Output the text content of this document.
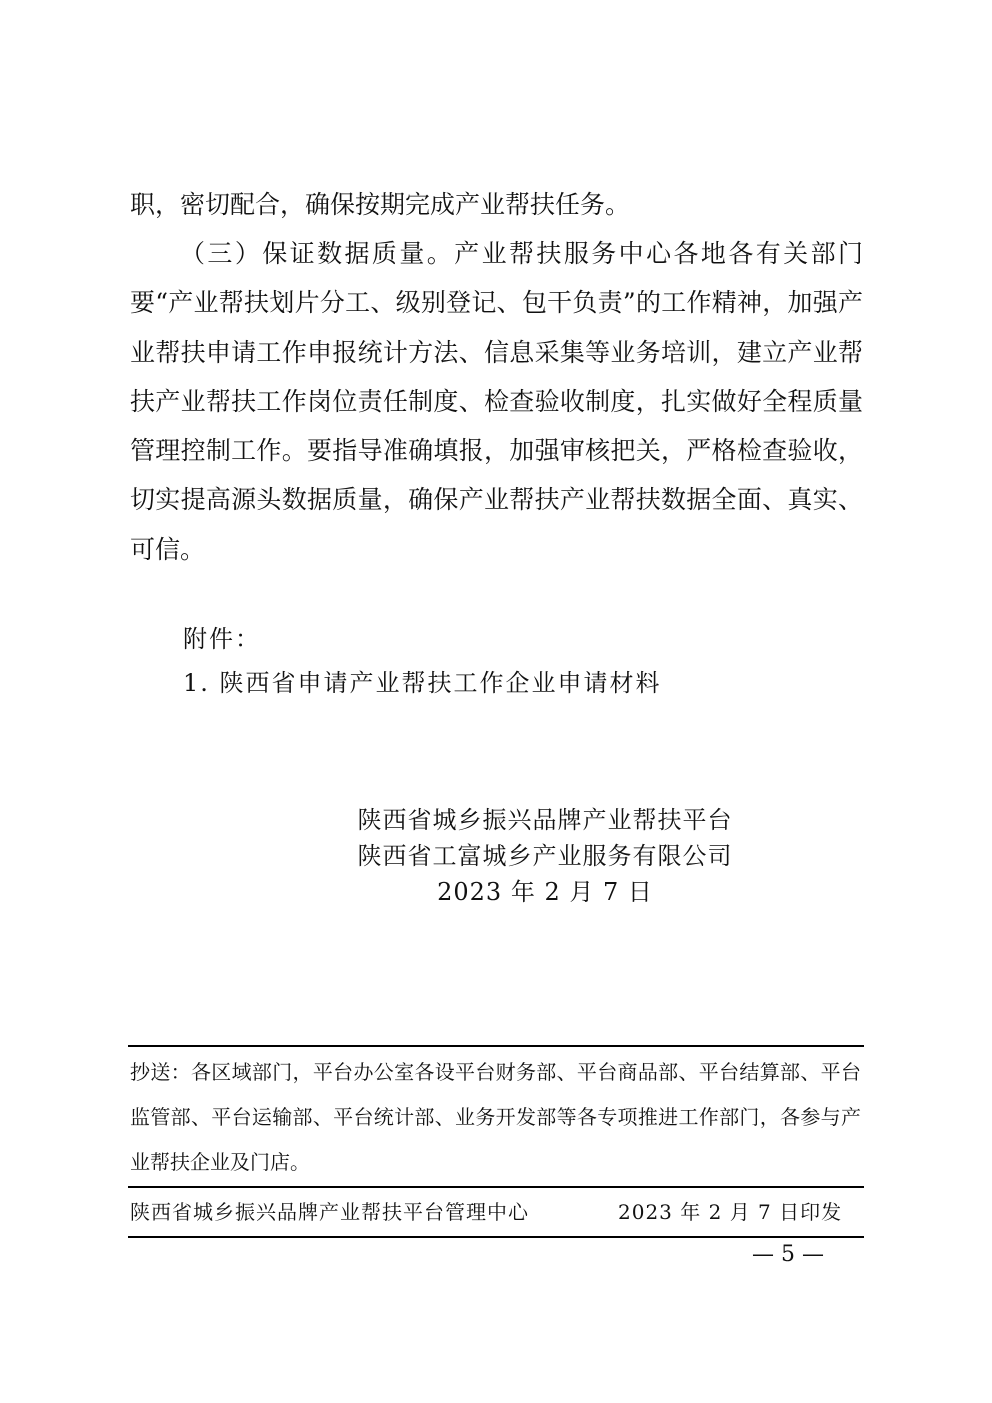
职，密切配合，确保按期完成产业帮扶任务。

（三）保证数据质量。产业帮扶服务中心各地各有关部门要“产业帮扶划片分工、级别登记、包干负责”的工作精神，加强产业帮扶申请工作申报统计方法、信息采集等业务培训，建立产业帮扶产业帮扶工作岗位责任制度、检查验收制度，扎实做好全程质量管理控制工作。要指导准确填报，加强审核把关，严格检查验收，切实提高源头数据质量，确保产业帮扶产业帮扶数据全面、真实、可信。

附件：

1. 陕西省申请产业帮扶工作企业申请材料

陕西省城乡振兴品牌产业帮扶平台

陕西省工富城乡产业服务有限公司

2023 年 2 月 7 日

抄送：各区域部门，平台办公室各设平台财务部、平台商品部、平台结算部、平台监管部、平台运输部、平台统计部、业务开发部等各专项推进工作部门，各参与产业帮扶企业及门店。

陕西省城乡振兴品牌产业帮扶平台管理中心	2023 年 2 月 7 日印发

— 5 —
